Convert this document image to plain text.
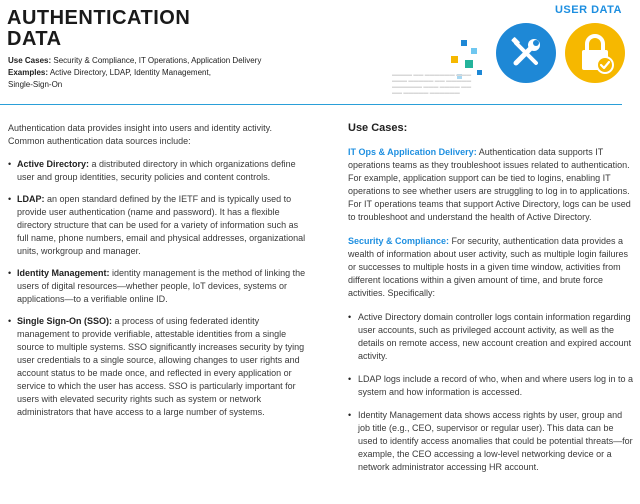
AUTHENTICATION
DATA
Use Cases: Security & Compliance, IT Operations, Application Delivery
Examples: Active Directory, LDAP, Identity Management,
Single-Sign-On
USER DATA
▬▬▬▬ ▬▬ ▬▬▬▬▬▬ ▬▬▬
▬▬▬ ▬▬▬▬▬ ▬▬ ▬▬▬▬▬
▬▬▬▬▬▬ ▬▬▬ ▬▬▬▬ ▬▬
▬▬ ▬▬▬▬▬ ▬▬▬▬▬▬

Authentication data provides insight into users and identity activity. Common authentication data sources include:

• Active Directory: a distributed directory in which organizations define user and group identities, security policies and content controls.
• LDAP: an open standard defined by the IETF and is typically used to provide user authentication (name and password). It has a flexible directory structure that can be used for a variety of information such as full name, phone numbers, email and physical addresses, organizational units, workgroup and manager.
• Identity Management: identity management is the method of linking the users of digital resources—whether people, IoT devices, systems or applications—to a verifiable online ID.
• Single Sign-On (SSO): a process of using federated identity management to provide verifiable, attestable identities from a single source to multiple systems. SSO significantly increases security by tying user credentials to a single source, allowing changes to user rights and account status to be made once, and reflected in every application or service to which the user has access. SSO is particularly important for users with elevated security rights such as system or network administrators that have access to a large number of systems.
Use Cases:

IT Ops & Application Delivery: Authentication data supports IT operations teams as they troubleshoot issues related to authentication. For example, application support can be tied to logins, enabling IT operations to see whether users are struggling to log in to applications. For IT operations teams that support Active Directory, logs can be used to troubleshoot and understand the health of Active Directory.

Security & Compliance: For security, authentication data provides a wealth of information about user activity, such as multiple login failures or successes to multiple hosts in a given time window, activities from different locations within a given amount of time, and brute force activities. Specifically:

• Active Directory domain controller logs contain information regarding user accounts, such as privileged account activity, as well as the details on remote access, new account creation and expired account activity.
• LDAP logs include a record of who, when and where users log in to a system and how information is accessed.
• Identity Management data shows access rights by user, group and job title (e.g., CEO, supervisor or regular user). This data can be used to identify access anomalies that could be potential threats—for example, the CEO accessing a low-level networking device or a network administrator accessing HR account.
